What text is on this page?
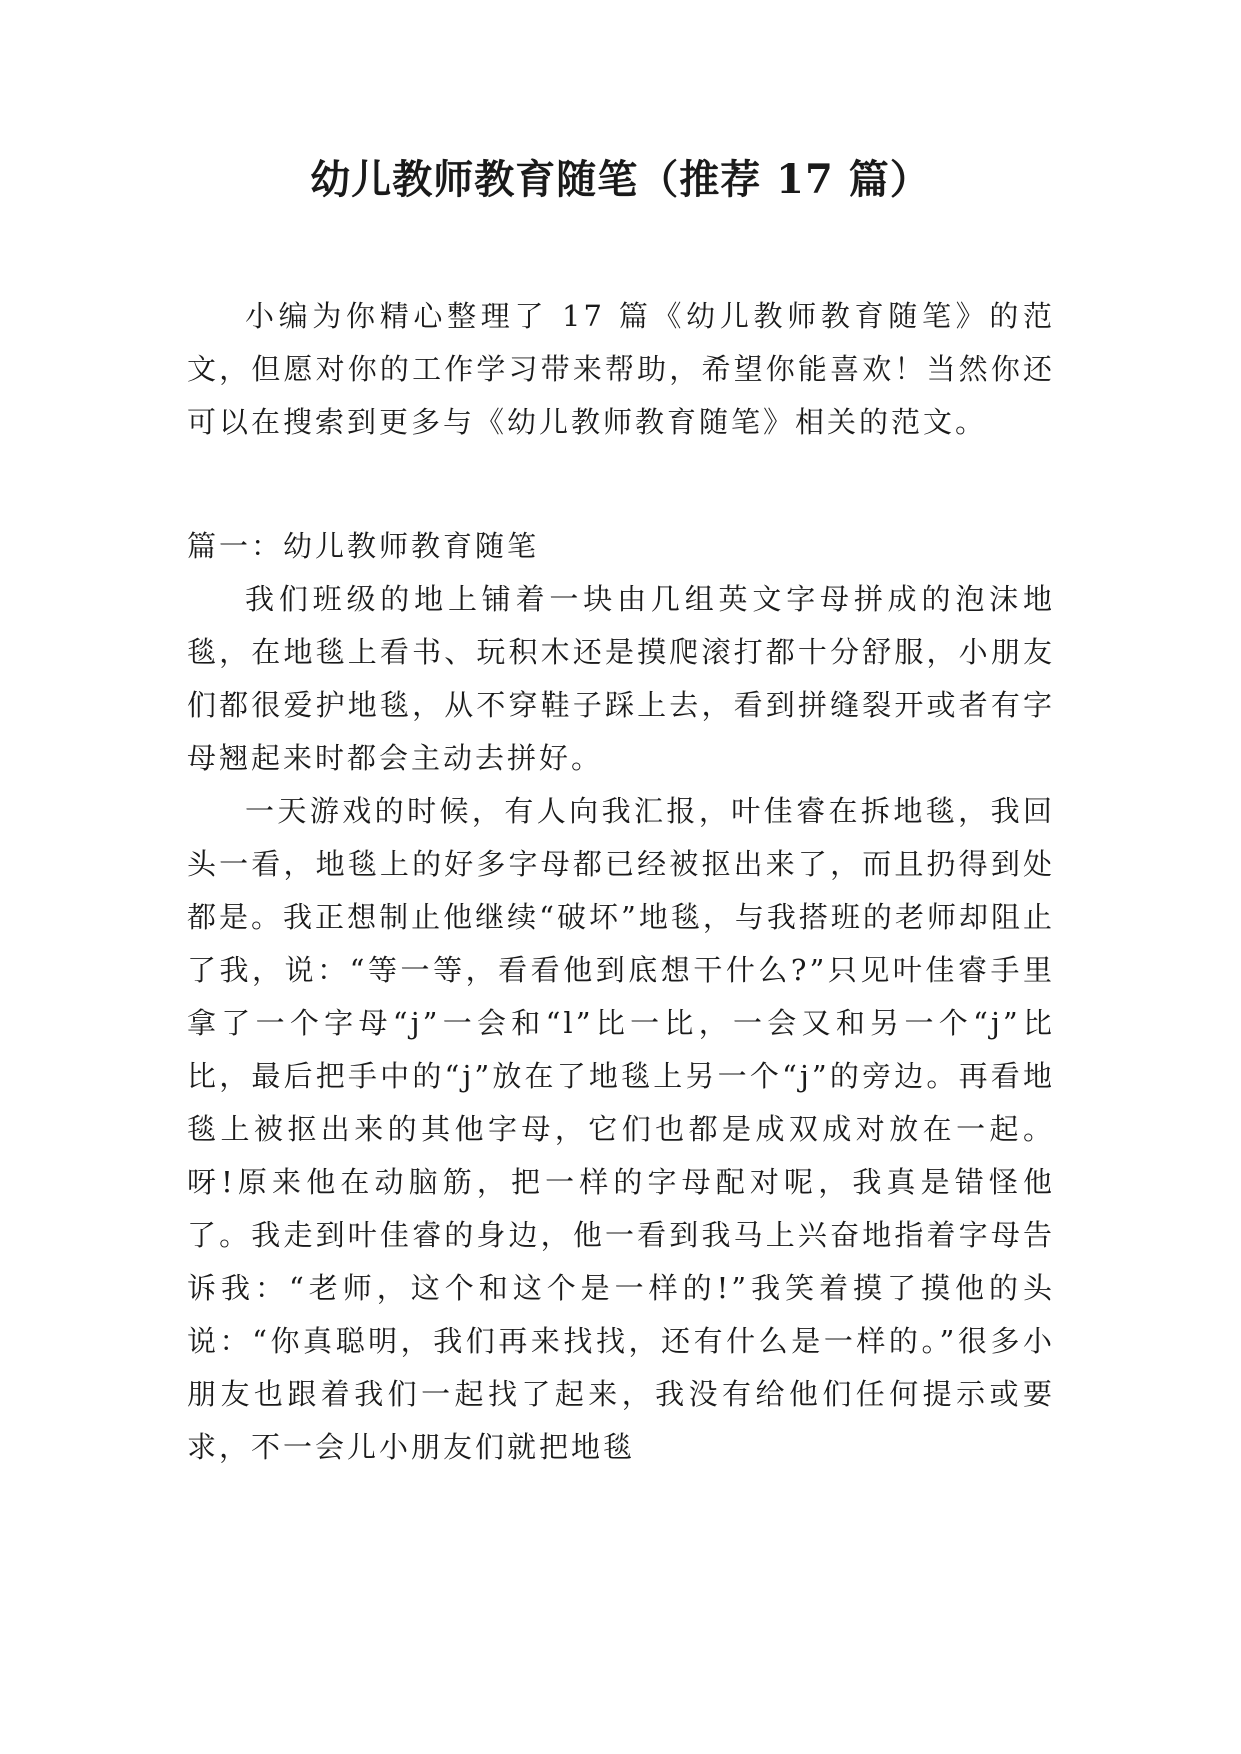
幼儿教师教育随笔（推荐 17 篇）
小编为你精心整理了 17 篇《幼儿教师教育随笔》的范文，但愿对你的工作学习带来帮助，希望你能喜欢！当然你还可以在搜索到更多与《幼儿教师教育随笔》相关的范文。
篇一：幼儿教师教育随笔
我们班级的地上铺着一块由几组英文字母拼成的泡沫地毯，在地毯上看书、玩积木还是摸爬滚打都十分舒服，小朋友们都很爱护地毯，从不穿鞋子踩上去，看到拼缝裂开或者有字母翘起来时都会主动去拼好。
一天游戏的时候，有人向我汇报，叶佳睿在拆地毯，我回头一看，地毯上的好多字母都已经被抠出来了，而且扔得到处都是。我正想制止他继续“破坏”地毯，与我搭班的老师却阻止了我，说：“等一等，看看他到底想干什么?”只见叶佳睿手里拿了一个字母“j”一会和“l”比一比，一会又和另一个“j”比比，最后把手中的“j”放在了地毯上另一个“j”的旁边。再看地毯上被抠出来的其他字母，它们也都是成双成对放在一起。呀!原来他在动脑筋，把一样的字母配对呢，我真是错怪他了。我走到叶佳睿的身边，他一看到我马上兴奋地指着字母告诉我：“老师，这个和这个是一样的!”我笑着摸了摸他的头说：“你真聪明，我们再来找找，还有什么是一样的。”很多小朋友也跟着我们一起找了起来，我没有给他们任何提示或要求，不一会儿小朋友们就把地毯
